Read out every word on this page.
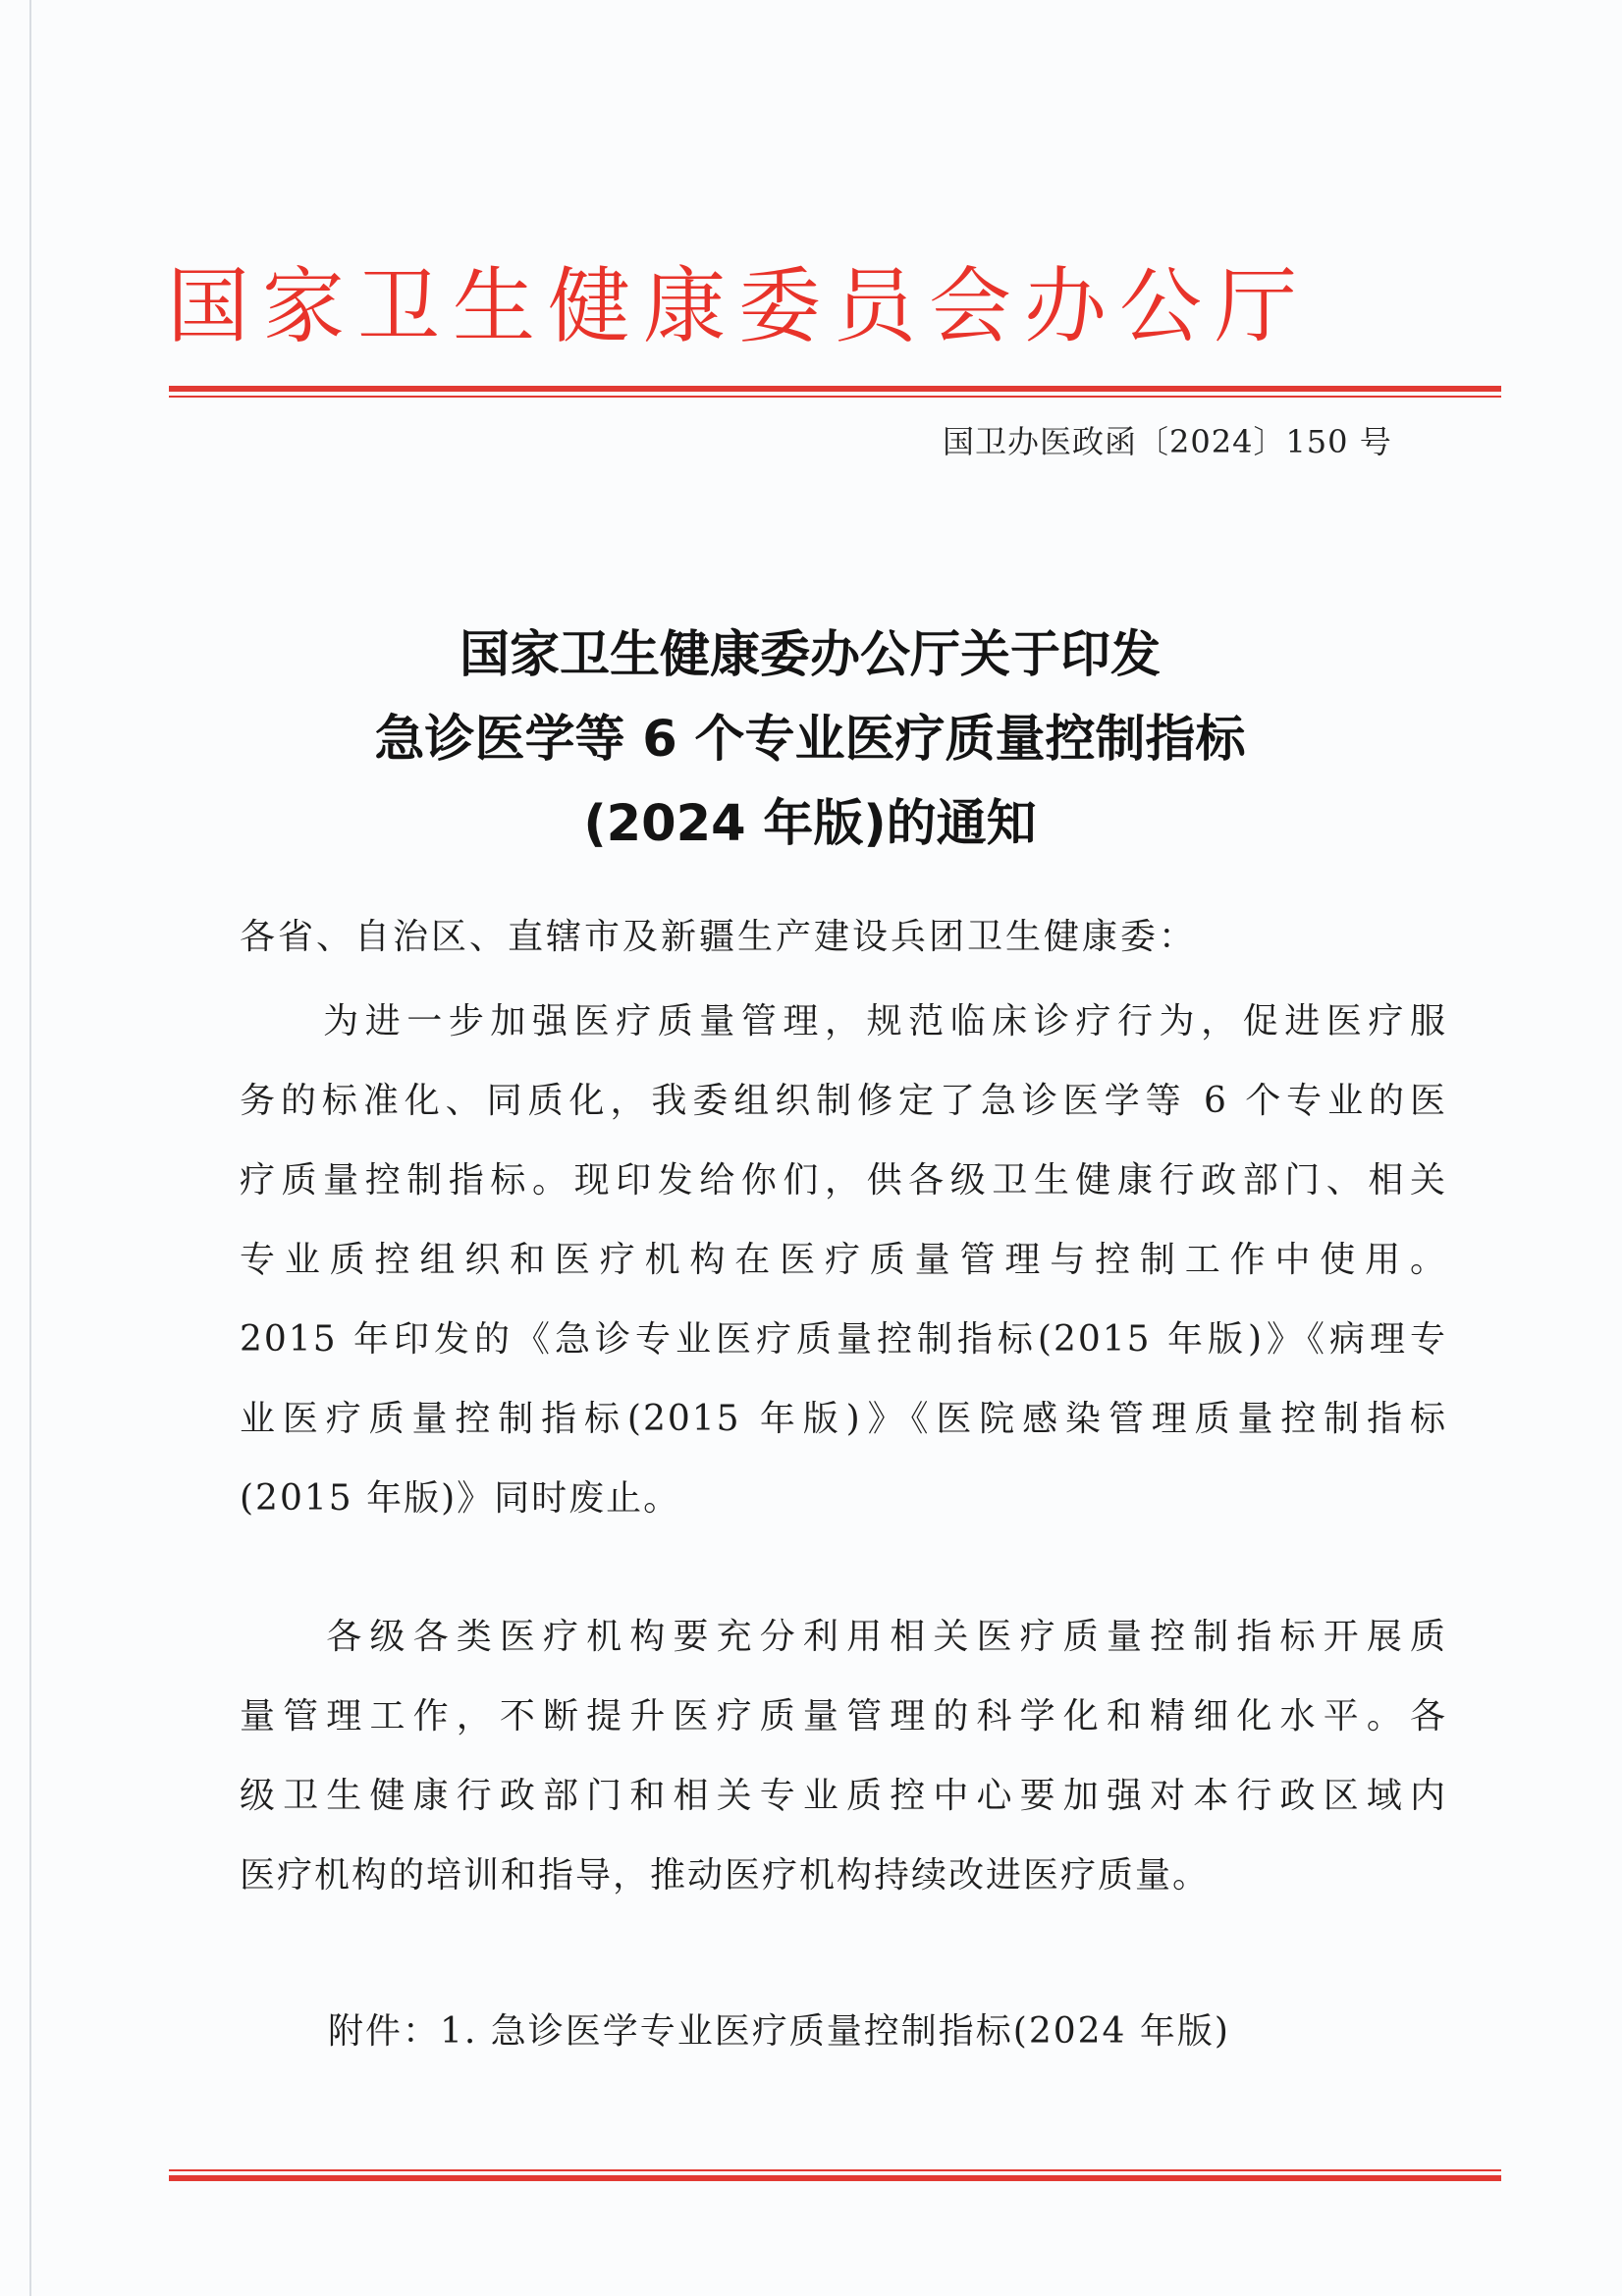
国家卫生健康委员会办公厅
国卫办医政函〔2024〕150 号
国家卫生健康委办公厅关于印发
急诊医学等 6 个专业医疗质量控制指标
(2024 年版)的通知
各省、自治区、直辖市及新疆生产建设兵团卫生健康委：
　　为进一步加强医疗质量管理，规范临床诊疗行为，促进医疗服
务的标准化、同质化，我委组织制修定了急诊医学等 6 个专业的医
疗质量控制指标。现印发给你们，供各级卫生健康行政部门、相关
专业质控组织和医疗机构在医疗质量管理与控制工作中使用。
2015 年印发的《急诊专业医疗质量控制指标(2015 年版)》《病理专
业医疗质量控制指标(2015 年版)》《医院感染管理质量控制指标
(2015 年版)》同时废止。
　　各级各类医疗机构要充分利用相关医疗质量控制指标开展质
量管理工作，不断提升医疗质量管理的科学化和精细化水平。各
级卫生健康行政部门和相关专业质控中心要加强对本行政区域内
医疗机构的培训和指导，推动医疗机构持续改进医疗质量。
附件：1. 急诊医学专业医疗质量控制指标(2024 年版)
